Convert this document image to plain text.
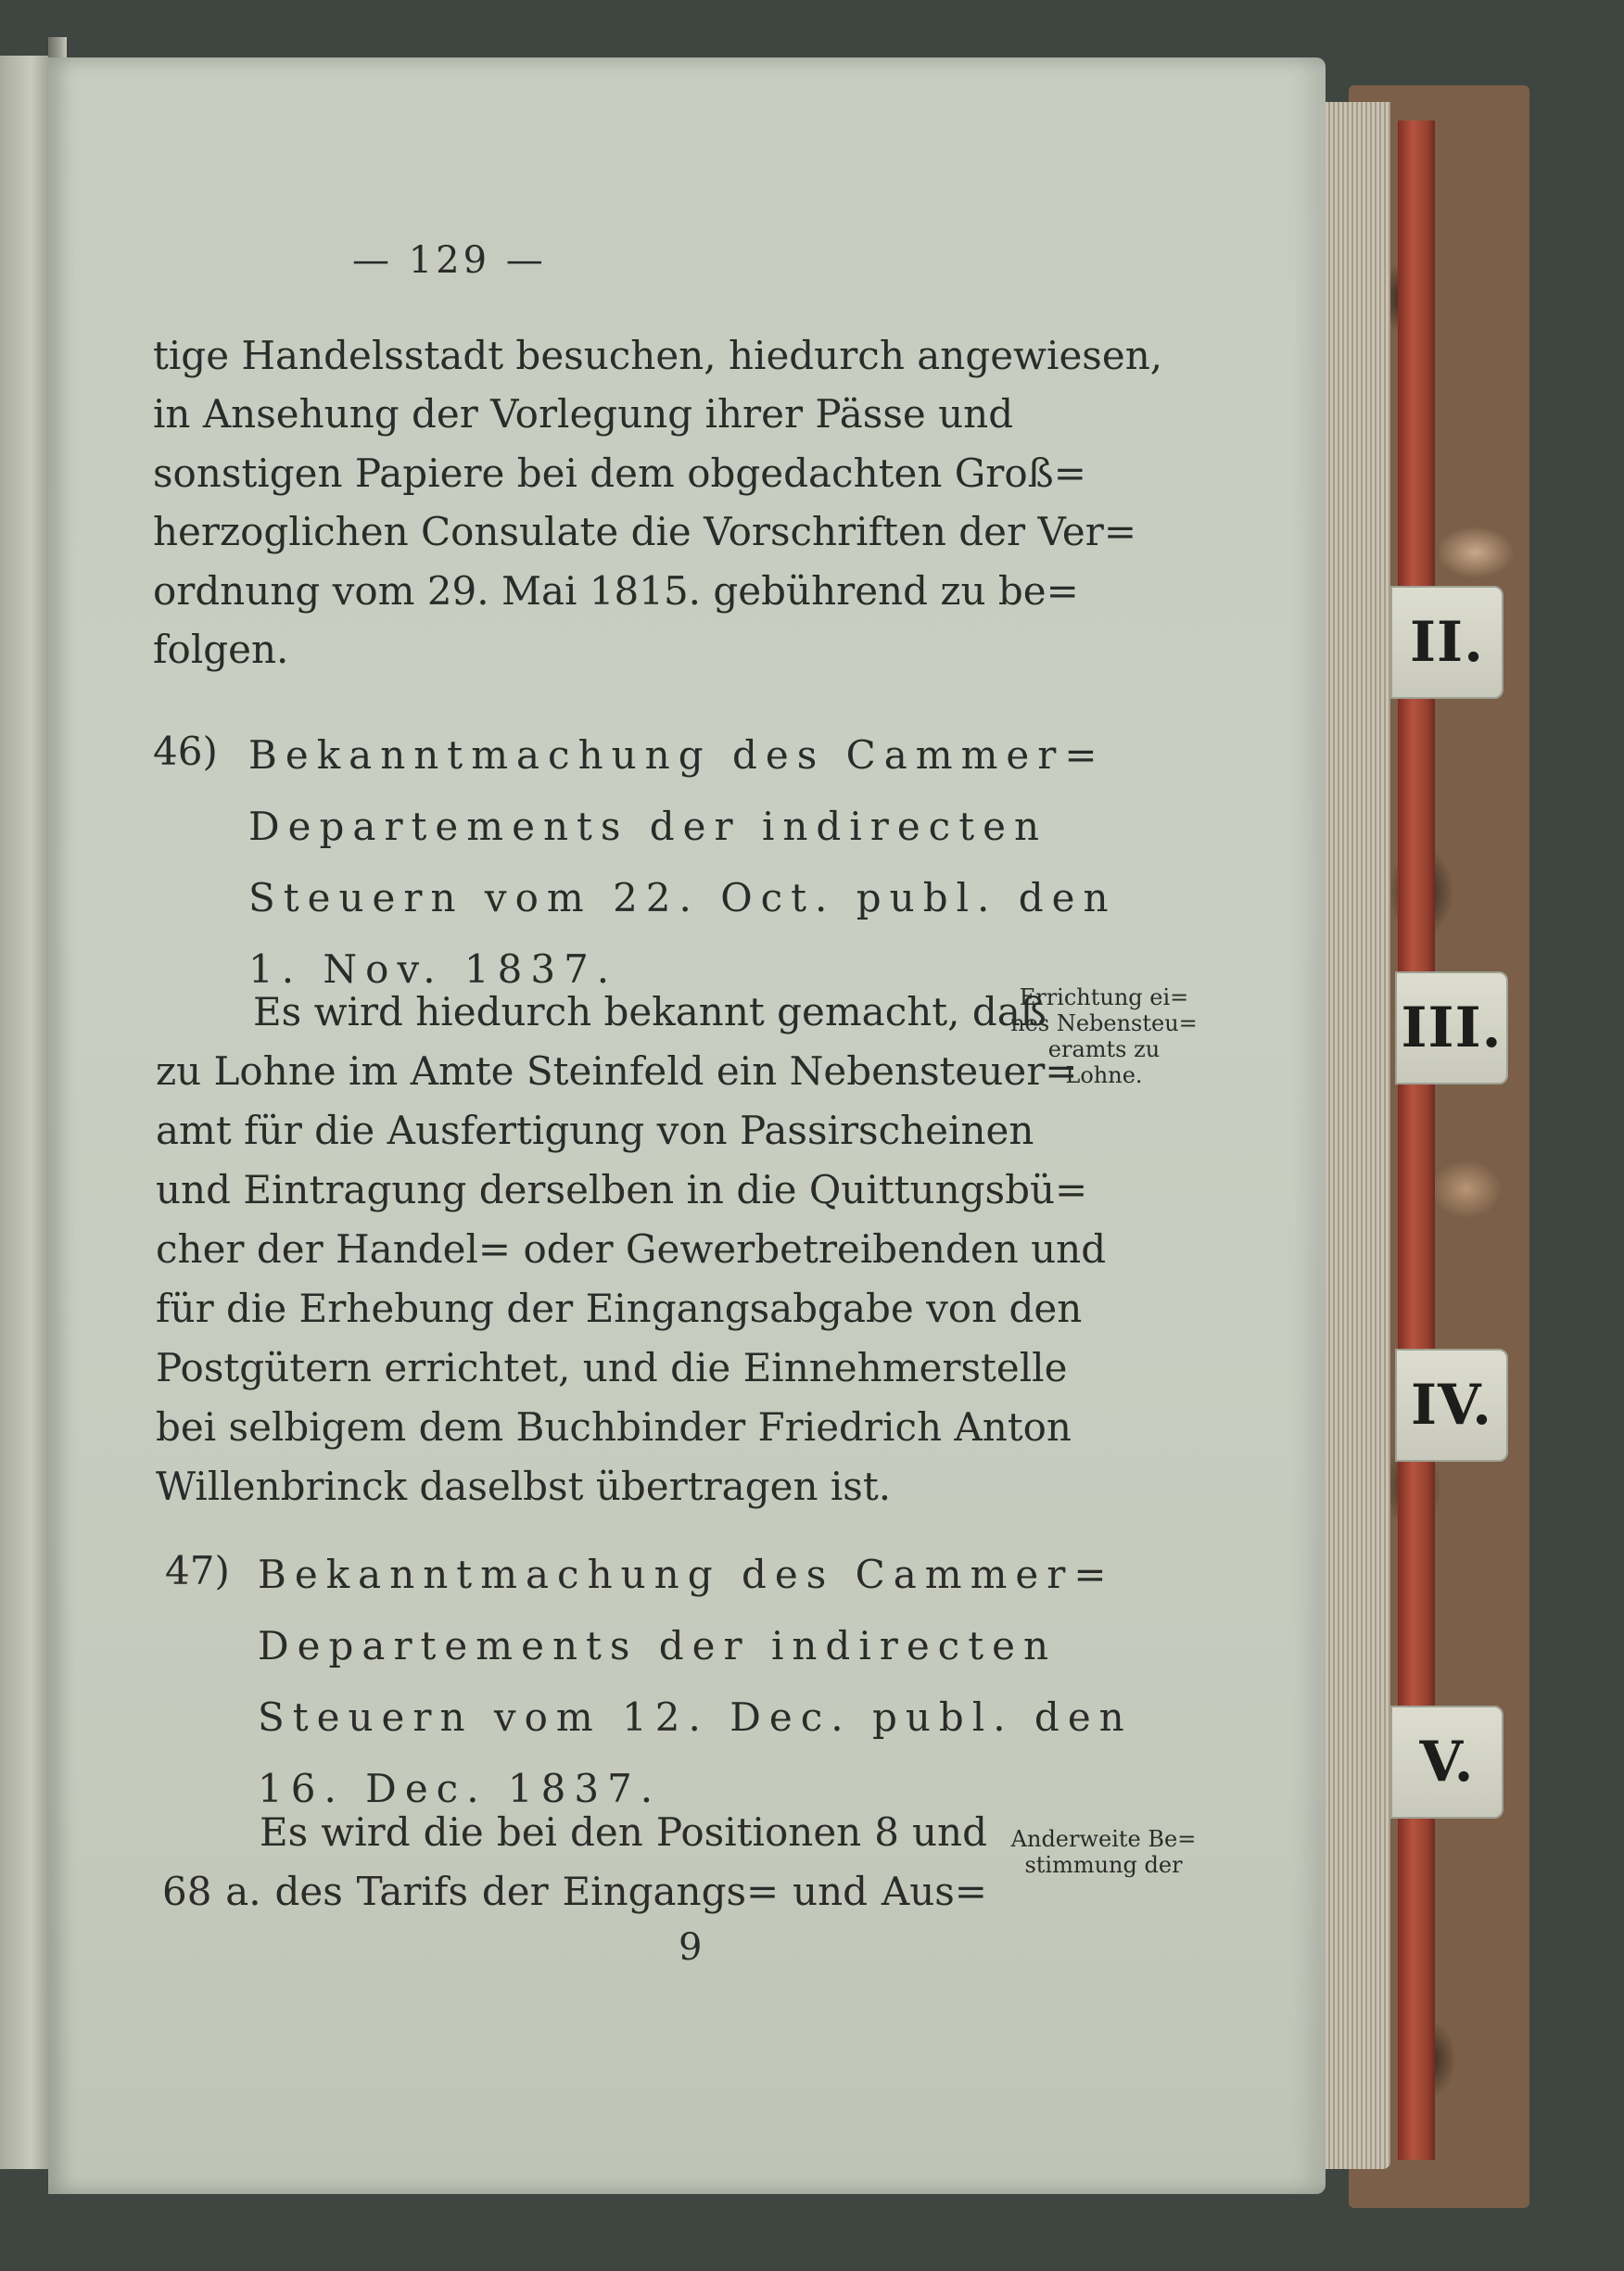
II.
III.
IV.
V.
— 129 —
tige Handelsstadt besuchen, hiedurch angewiesen,
in Ansehung der Vorlegung ihrer Pässe und
sonstigen Papiere bei dem obgedachten Groß=
herzoglichen Consulate die Vorschriften der Ver=
ordnung vom 29. Mai 1815. gebührend zu be=
folgen.
46) Bekanntmachung des Cammer=
Departements der indirecten
Steuern vom 22. Oct. publ. den
1. Nov. 1837.
Es wird hiedurch bekannt gemacht, daß
zu Lohne im Amte Steinfeld ein Nebensteuer=
amt für die Ausfertigung von Passirscheinen
und Eintragung derselben in die Quittungsbü=
cher der Handel= oder Gewerbetreibenden und
für die Erhebung der Eingangsabgabe von den
Postgütern errichtet, und die Einnehmerstelle
bei selbigem dem Buchbinder Friedrich Anton
Willenbrinck daselbst übertragen ist.
Errichtung ei=
nes Nebensteu=
eramts zu
Lohne.
47) Bekanntmachung des Cammer=
Departements der indirecten
Steuern vom 12. Dec. publ. den
16. Dec. 1837.
Es wird die bei den Positionen 8 und
68 a. des Tarifs der Eingangs= und Aus=
Anderweite Be=
stimmung der
9
